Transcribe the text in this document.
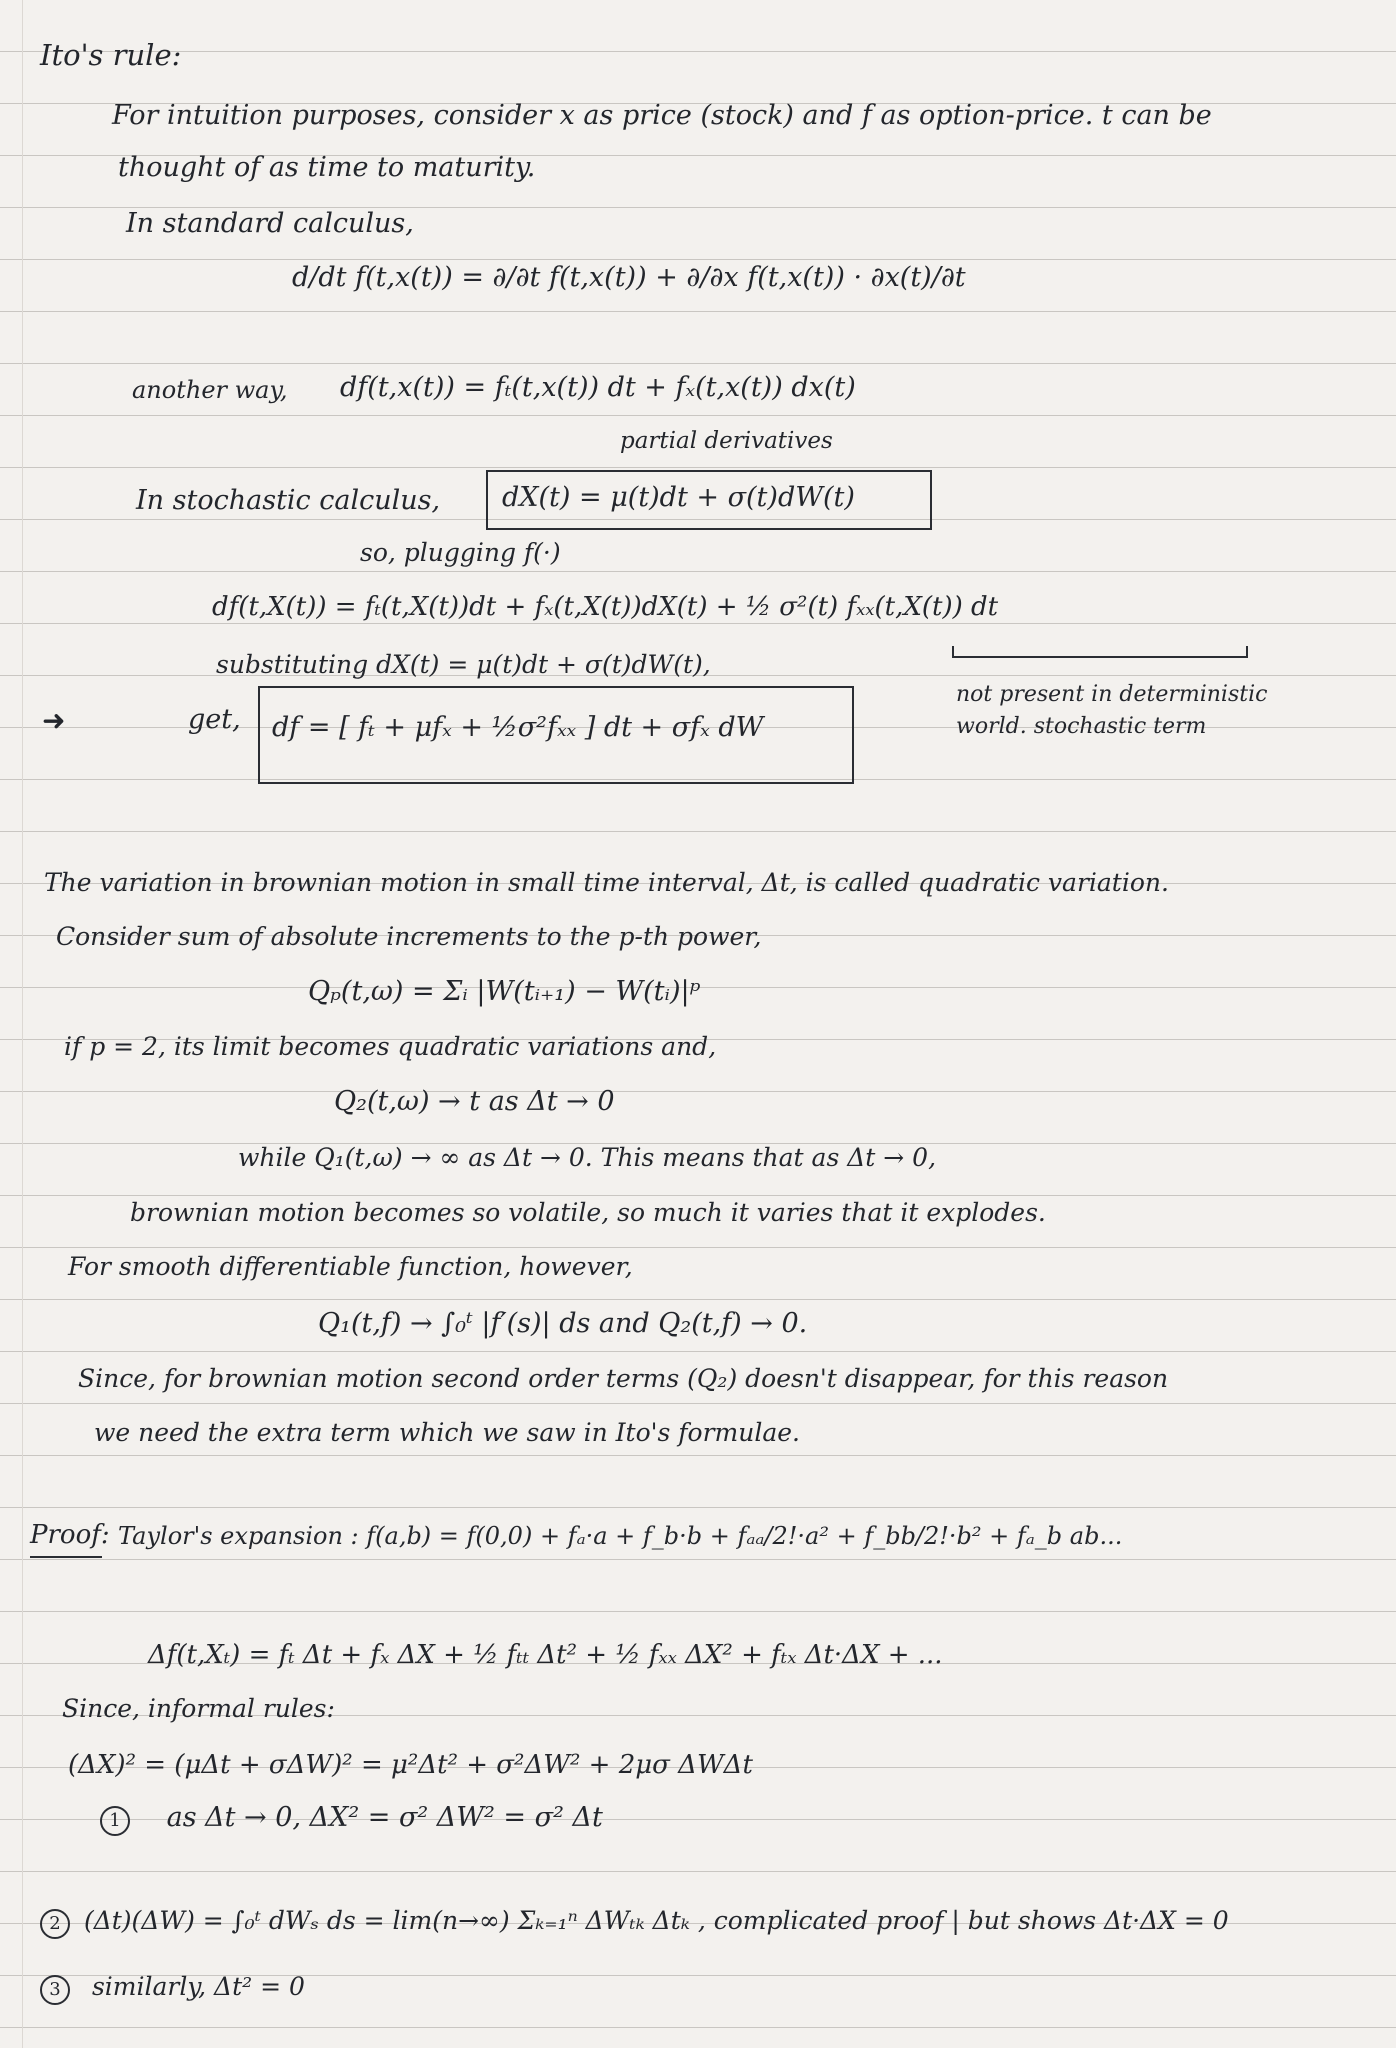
Ito's rule:
For intuition purposes, consider x as price (stock) and f as option-price. t can be
thought of as time to maturity.
In standard calculus,
d/dt f(t,x(t)) = ∂/∂t f(t,x(t)) + ∂/∂x f(t,x(t)) · ∂x(t)/∂t
another way, df(t,x(t)) = fₜ(t,x(t)) dt + fₓ(t,x(t)) dx(t)
partial derivatives
In stochastic calculus, dX(t) = μ(t)dt + σ(t)dW(t)
so, plugging f(·)
df(t,X(t)) = fₜ(t,X(t))dt + fₓ(t,X(t))dX(t) + ½ σ²(t) fₓₓ(t,X(t)) dt
substituting dX(t) = μ(t)dt + σ(t)dW(t),
➜	get, df = [ fₜ + μfₓ + ½σ²fₓₓ ] dt + σfₓ dW
not present in deterministic
world. stochastic term
The variation in brownian motion in small time interval, Δt, is called quadratic variation.
Consider sum of absolute increments to the p-th power,
Qₚ(t,ω) = Σᵢ |W(tᵢ₊₁) − W(tᵢ)|ᵖ
if p = 2, its limit becomes quadratic variations and,
Q₂(t,ω) → t as Δt → 0
while Q₁(t,ω) → ∞ as Δt → 0. This means that as Δt → 0,
brownian motion becomes so volatile, so much it varies that it explodes.
For smooth differentiable function, however,
Q₁(t,f) → ∫₀ᵗ |f′(s)| ds and Q₂(t,f) → 0.
Since, for brownian motion second order terms (Q₂) doesn't disappear, for this reason
we need the extra term which we saw in Ito's formulae.
Proof: Taylor's expansion : f(a,b) = f(0,0) + fₐ·a + f_b·b + fₐₐ/2!·a² + f_bb/2!·b² + fₐ_b ab...
Δf(t,Xₜ) = fₜ Δt + fₓ ΔX + ½ fₜₜ Δt² + ½ fₓₓ ΔX² + fₜₓ Δt·ΔX + ...
Since, informal rules:
(ΔX)² = (μΔt + σΔW)² = μ²Δt² + σ²ΔW² + 2μσ ΔWΔt
1 as Δt → 0, ΔX² = σ² ΔW² = σ² Δt
2 (Δt)(ΔW) = ∫₀ᵗ dWₛ ds = lim(n→∞) Σₖ₌₁ⁿ ΔWₜₖ Δtₖ , complicated proof | but shows Δt·ΔX = 0
3 similarly, Δt² = 0
